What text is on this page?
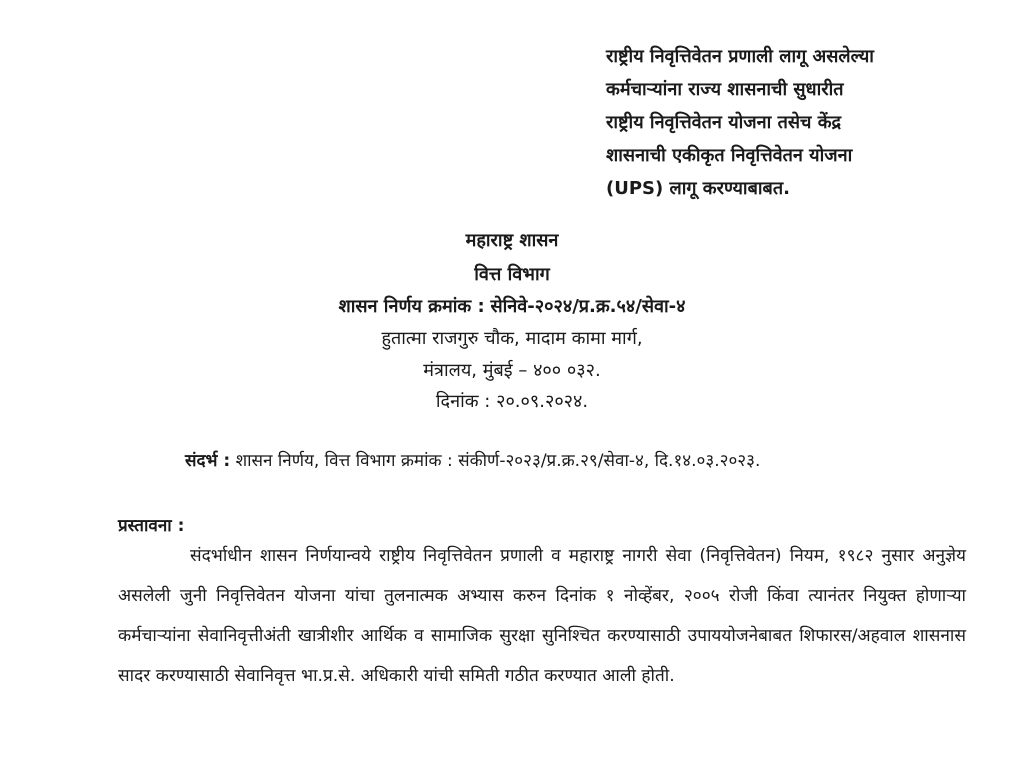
राष्ट्रीय निवृत्तिवेतन प्रणाली लागू असलेल्या
कर्मचाऱ्यांना राज्य शासनाची सुधारीत
राष्ट्रीय निवृत्तिवेतन योजना तसेच केंद्र
शासनाची एकीकृत निवृत्तिवेतन योजना
(UPS) लागू करण्याबाबत.
महाराष्ट्र शासन
वित्त विभाग
शासन निर्णय क्रमांक : सेनिवे-२०२४/प्र.क्र.५४/सेवा-४
हुतात्मा राजगुरु चौक, मादाम कामा मार्ग,
मंत्रालय, मुंबई – ४०० ०३२.
दिनांक : २०.०९.२०२४.
संदर्भ : शासन निर्णय, वित्त विभाग क्रमांक : संकीर्ण-२०२३/प्र.क्र.२९/सेवा-४, दि.१४.०३.२०२३.
प्रस्तावना :
संदर्भाधीन शासन निर्णयान्वये राष्ट्रीय निवृत्तिवेतन प्रणाली व महाराष्ट्र नागरी सेवा (निवृत्तिवेतन) नियम, १९८२ नुसार अनुज्ञेय असलेली जुनी निवृत्तिवेतन योजना यांचा तुलनात्मक अभ्यास करुन दिनांक १ नोव्हेंबर, २००५ रोजी किंवा त्यानंतर नियुक्त होणाऱ्या कर्मचाऱ्यांना सेवानिवृत्तीअंती खात्रीशीर आर्थिक व सामाजिक सुरक्षा सुनिश्चित करण्यासाठी उपाययोजनेबाबत शिफारस/अहवाल शासनास सादर करण्यासाठी सेवानिवृत्त भा.प्र.से. अधिकारी यांची समिती गठीत करण्यात आली होती.
